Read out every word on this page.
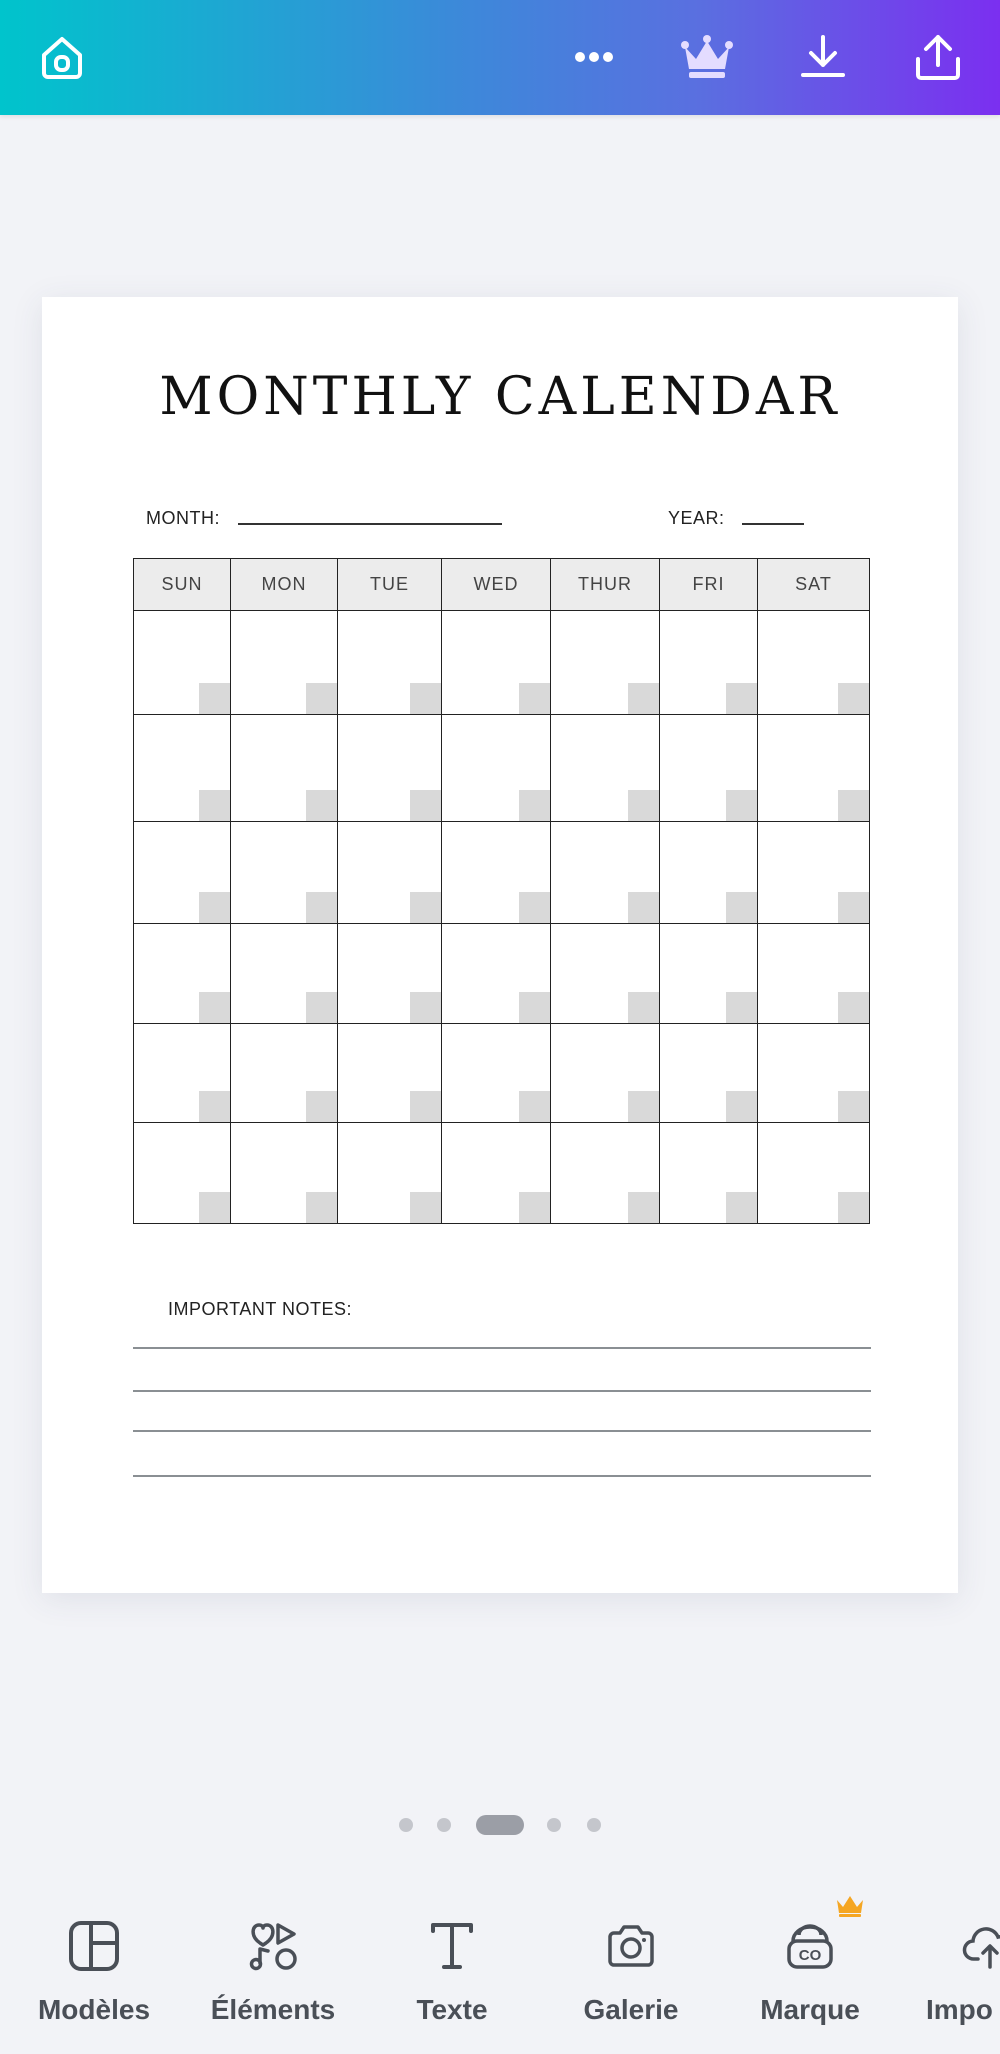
MONTHLY CALENDAR
MONTH:	YEAR:
SUN	MON	TUE	WED	THUR	FRI	SAT

IMPORTANT NOTES:
Modèles Éléments	Texte	Galerie
CO
Marque Impo
